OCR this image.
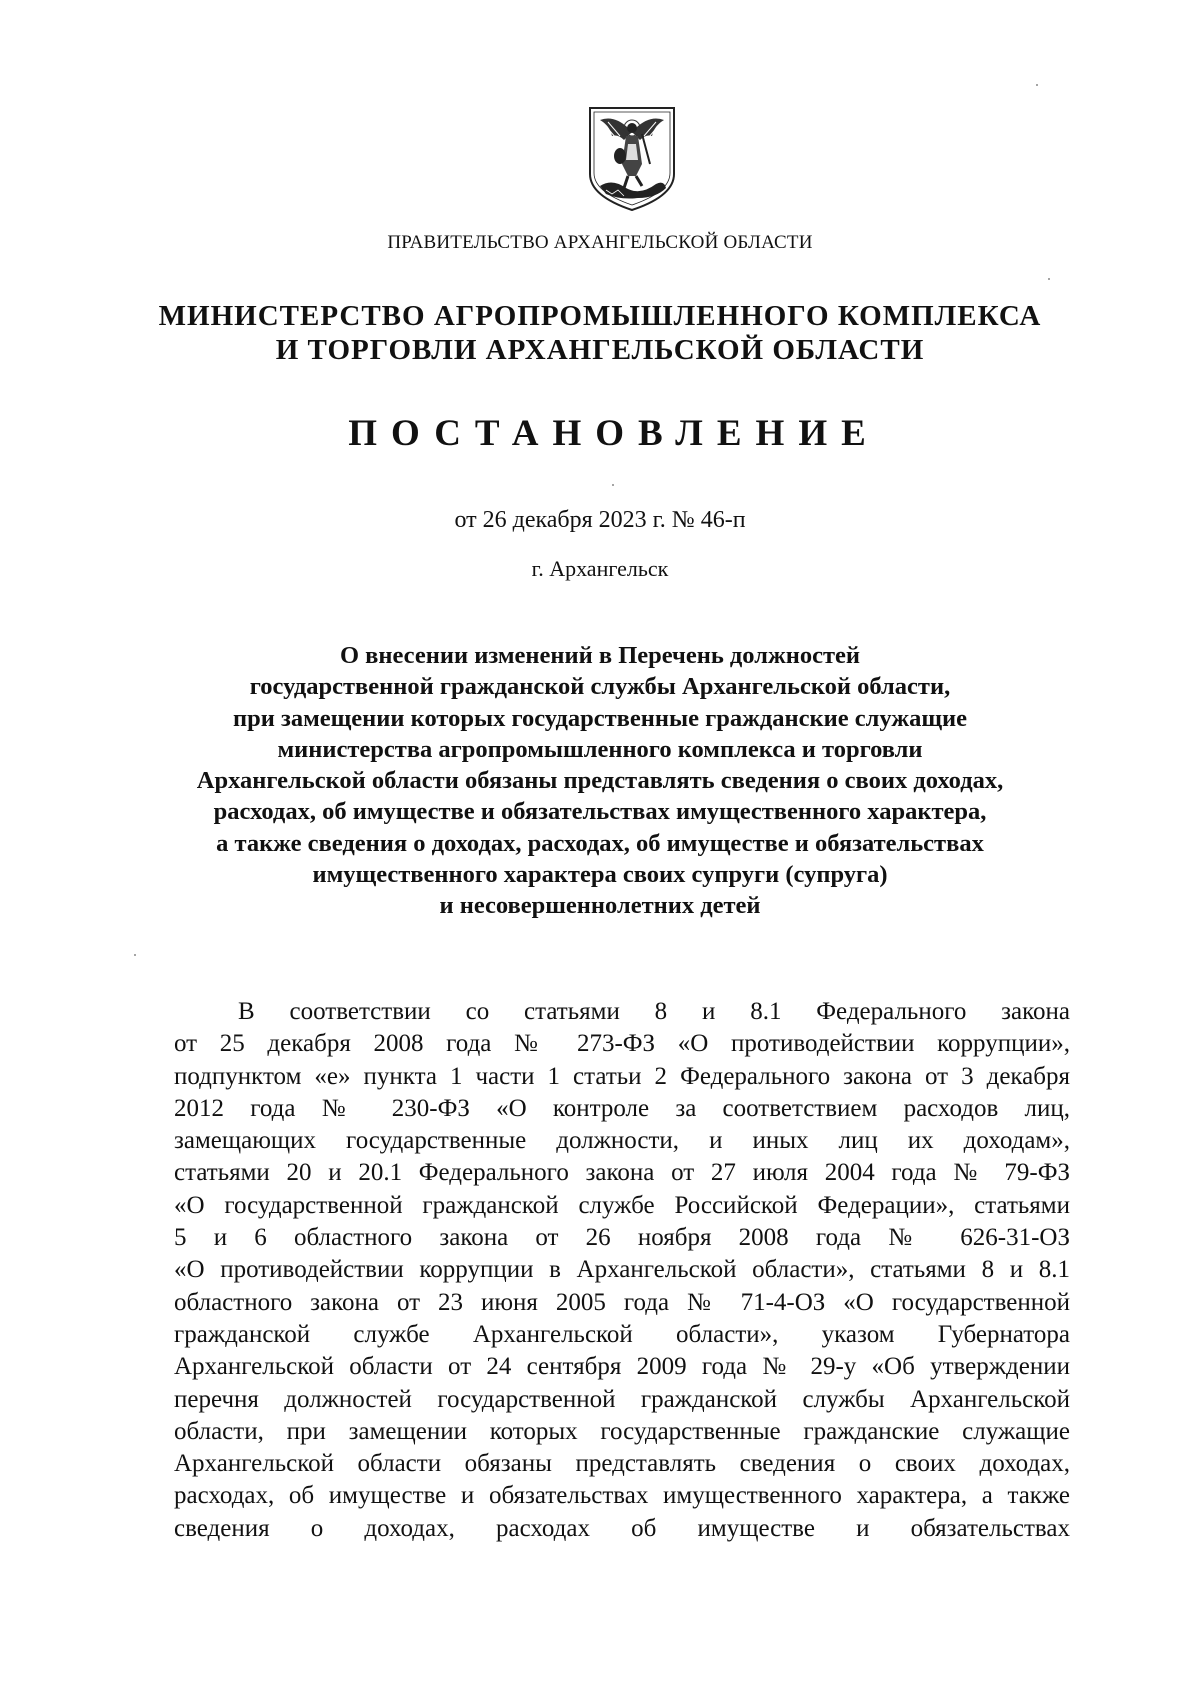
ПРАВИТЕЛЬСТВО АРХАНГЕЛЬСКОЙ ОБЛАСТИ
МИНИСТЕРСТВО АГРОПРОМЫШЛЕННОГО КОМПЛЕКСА
И ТОРГОВЛИ АРХАНГЕЛЬСКОЙ ОБЛАСТИ
ПОСТАНОВЛЕНИЕ
от 26 декабря 2023 г. № 46-п
г. Архангельск
О внесении изменений в Перечень должностей
государственной гражданской службы Архангельской области,
при замещении которых государственные гражданские служащие
министерства агропромышленного комплекса и торговли
Архангельской области обязаны представлять сведения о своих доходах,
расходах, об имуществе и обязательствах имущественного характера,
а также сведения о доходах, расходах, об имуществе и обязательствах
имущественного характера своих супруги (супруга)
и несовершеннолетних детей
В соответствии со статьями 8 и 8.1 Федерального закона
от 25 декабря 2008 года № 273-ФЗ «О противодействии коррупции»,
подпунктом «е» пункта 1 части 1 статьи 2 Федерального закона от 3 декабря
2012 года № 230-ФЗ «О контроле за соответствием расходов лиц,
замещающих государственные должности, и иных лиц их доходам»,
статьями 20 и 20.1 Федерального закона от 27 июля 2004 года № 79-ФЗ
«О государственной гражданской службе Российской Федерации», статьями
5 и 6 областного закона от 26 ноября 2008 года № 626-31-ОЗ
«О противодействии коррупции в Архангельской области», статьями 8 и 8.1
областного закона от 23 июня 2005 года № 71-4-ОЗ «О государственной
гражданской службе Архангельской области», указом Губернатора
Архангельской области от 24 сентября 2009 года № 29-у «Об утверждении
перечня должностей государственной гражданской службы Архангельской
области, при замещении которых государственные гражданские служащие
Архангельской области обязаны представлять сведения о своих доходах,
расходах, об имуществе и обязательствах имущественного характера, а также
сведения о доходах, расходах об имуществе и обязательствах
